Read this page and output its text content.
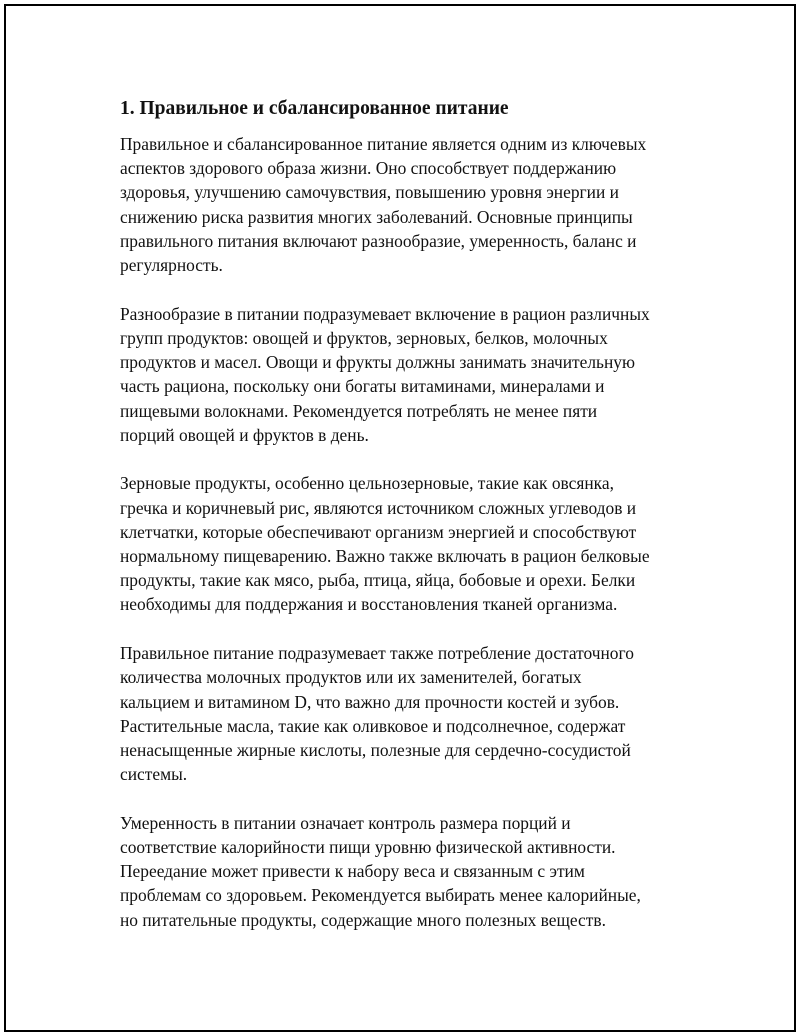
1. Правильное и сбалансированное питание

Правильное и сбалансированное питание является одним из ключевых
аспектов здорового образа жизни. Оно способствует поддержанию
здоровья, улучшению самочувствия, повышению уровня энергии и
снижению риска развития многих заболеваний. Основные принципы
правильного питания включают разнообразие, умеренность, баланс и
регулярность.

Разнообразие в питании подразумевает включение в рацион различных
групп продуктов: овощей и фруктов, зерновых, белков, молочных
продуктов и масел. Овощи и фрукты должны занимать значительную
часть рациона, поскольку они богаты витаминами, минералами и
пищевыми волокнами. Рекомендуется потреблять не менее пяти
порций овощей и фруктов в день.

Зерновые продукты, особенно цельнозерновые, такие как овсянка,
гречка и коричневый рис, являются источником сложных углеводов и
клетчатки, которые обеспечивают организм энергией и способствуют
нормальному пищеварению. Важно также включать в рацион белковые
продукты, такие как мясо, рыба, птица, яйца, бобовые и орехи. Белки
необходимы для поддержания и восстановления тканей организма.

Правильное питание подразумевает также потребление достаточного
количества молочных продуктов или их заменителей, богатых
кальцием и витамином D, что важно для прочности костей и зубов.
Растительные масла, такие как оливковое и подсолнечное, содержат
ненасыщенные жирные кислоты, полезные для сердечно-сосудистой
системы.

Умеренность в питании означает контроль размера порций и
соответствие калорийности пищи уровню физической активности.
Переедание может привести к набору веса и связанным с этим
проблемам со здоровьем. Рекомендуется выбирать менее калорийные,
но питательные продукты, содержащие много полезных веществ.
